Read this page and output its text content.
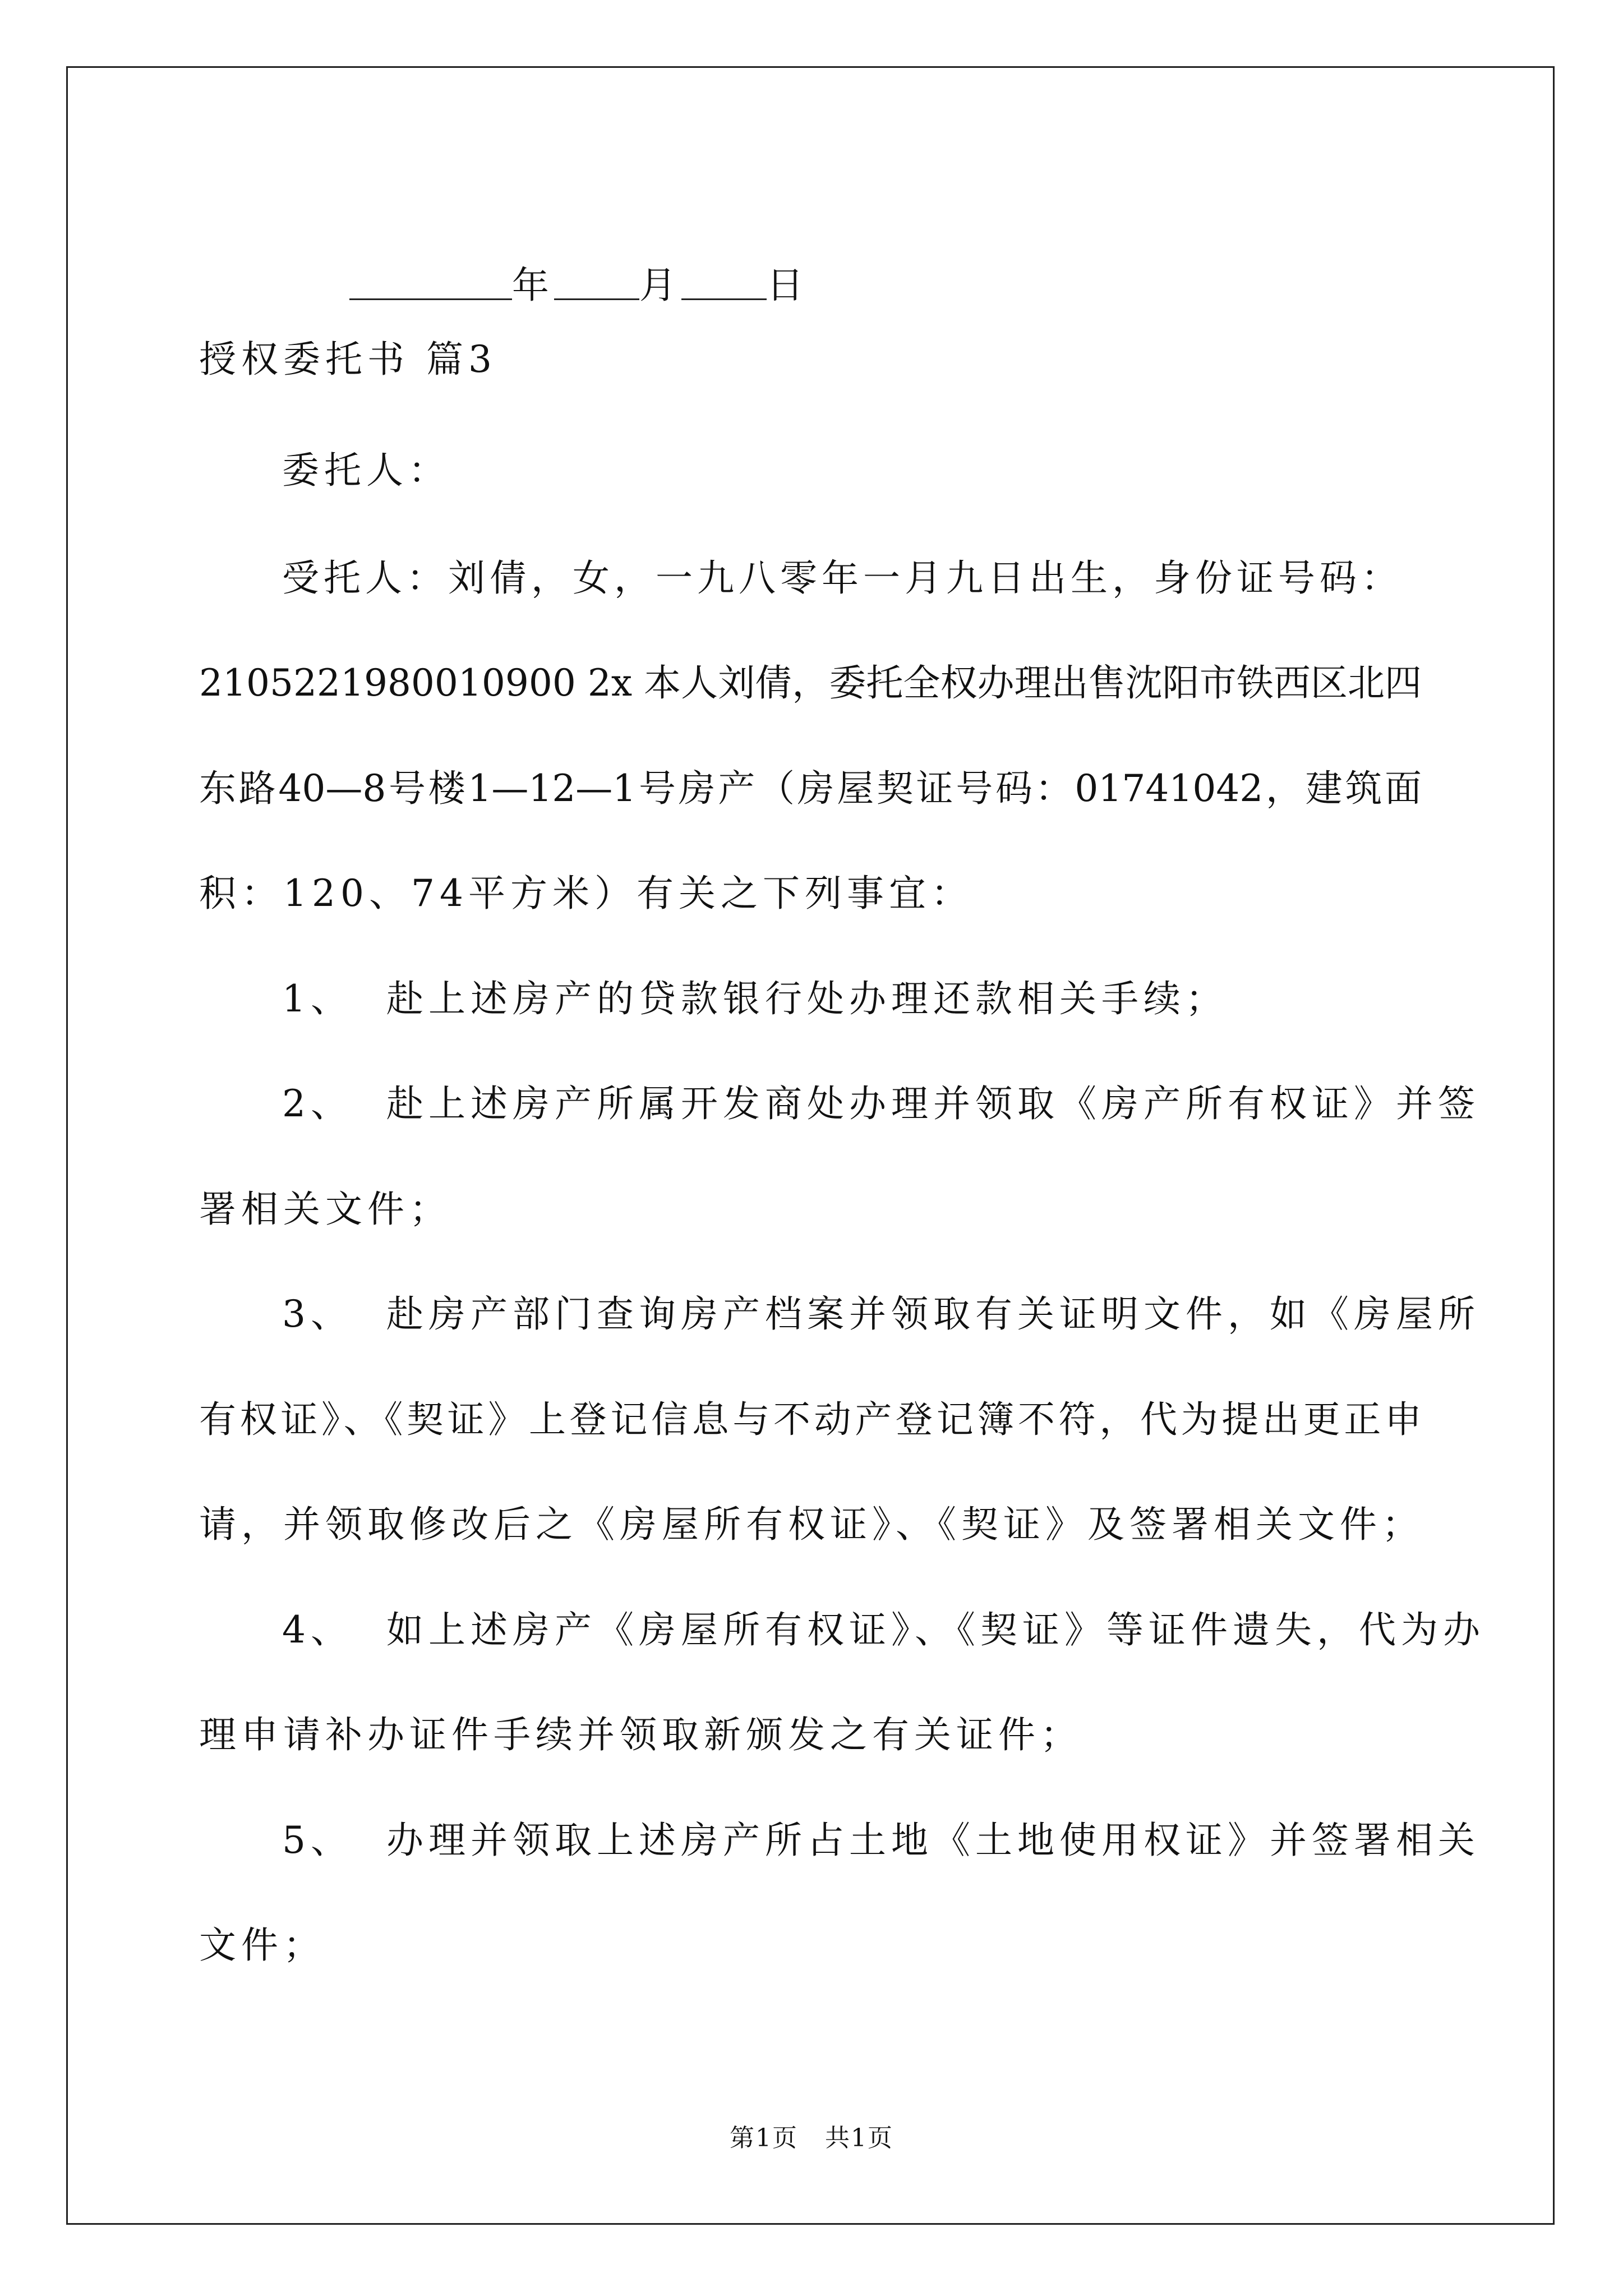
年 月 日

授权委托书 篇3
委托人：
受托人：刘倩，女，一九八零年一月九日出生，身份证号码：
2105221980010900 2x 本人刘倩，委托全权办理出售沈阳市铁西区北四
东路40—8号楼1—12—1号房产（房屋契证号码：01741042，建筑面
积：120、74平方米）有关之下列事宜：
1、  赴上述房产的贷款银行处办理还款相关手续；
2、  赴上述房产所属开发商处办理并领取《房产所有权证》并签
署相关文件；
3、  赴房产部门查询房产档案并领取有关证明文件，如《房屋所
有权证》、《契证》上登记信息与不动产登记簿不符，代为提出更正申
请，并领取修改后之《房屋所有权证》、《契证》及签署相关文件；
4、  如上述房产《房屋所有权证》、《契证》等证件遗失，代为办
理申请补办证件手续并领取新颁发之有关证件；
5、  办理并领取上述房产所占土地《土地使用权证》并签署相关
文件；
第1页   共1页
